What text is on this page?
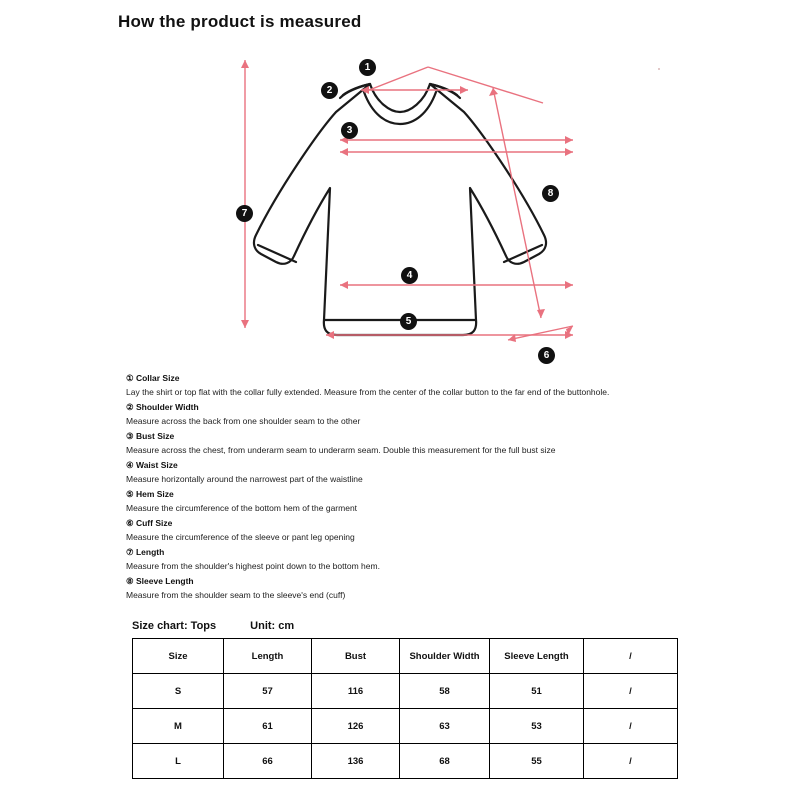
How the product is measured
1
2
3
4
5
6
7
8
① Collar Size
Lay the shirt or top flat with the collar fully extended. Measure from the center of the collar button to the far end of the buttonhole.
② Shoulder Width
Measure across the back from one shoulder seam to the other
③ Bust Size
Measure across the chest, from underarm seam to underarm seam. Double this measurement for the full bust size
④ Waist Size
Measure horizontally around the narrowest part of the waistline
⑤ Hem Size
Measure the circumference of the bottom hem of the garment
⑥ Cuff Size
Measure the circumference of the sleeve or pant leg opening
⑦ Length
Measure from the shoulder's highest point down to the bottom hem.
⑧ Sleeve Length
Measure from the shoulder seam to the sleeve's end (cuff)
Size chart: Tops	Unit: cm
Size	Length	Bust	Shoulder Width	Sleeve Length	/
S	57	116	58	51	/
M	61	126	63	53	/
L	66	136	68	55	/
